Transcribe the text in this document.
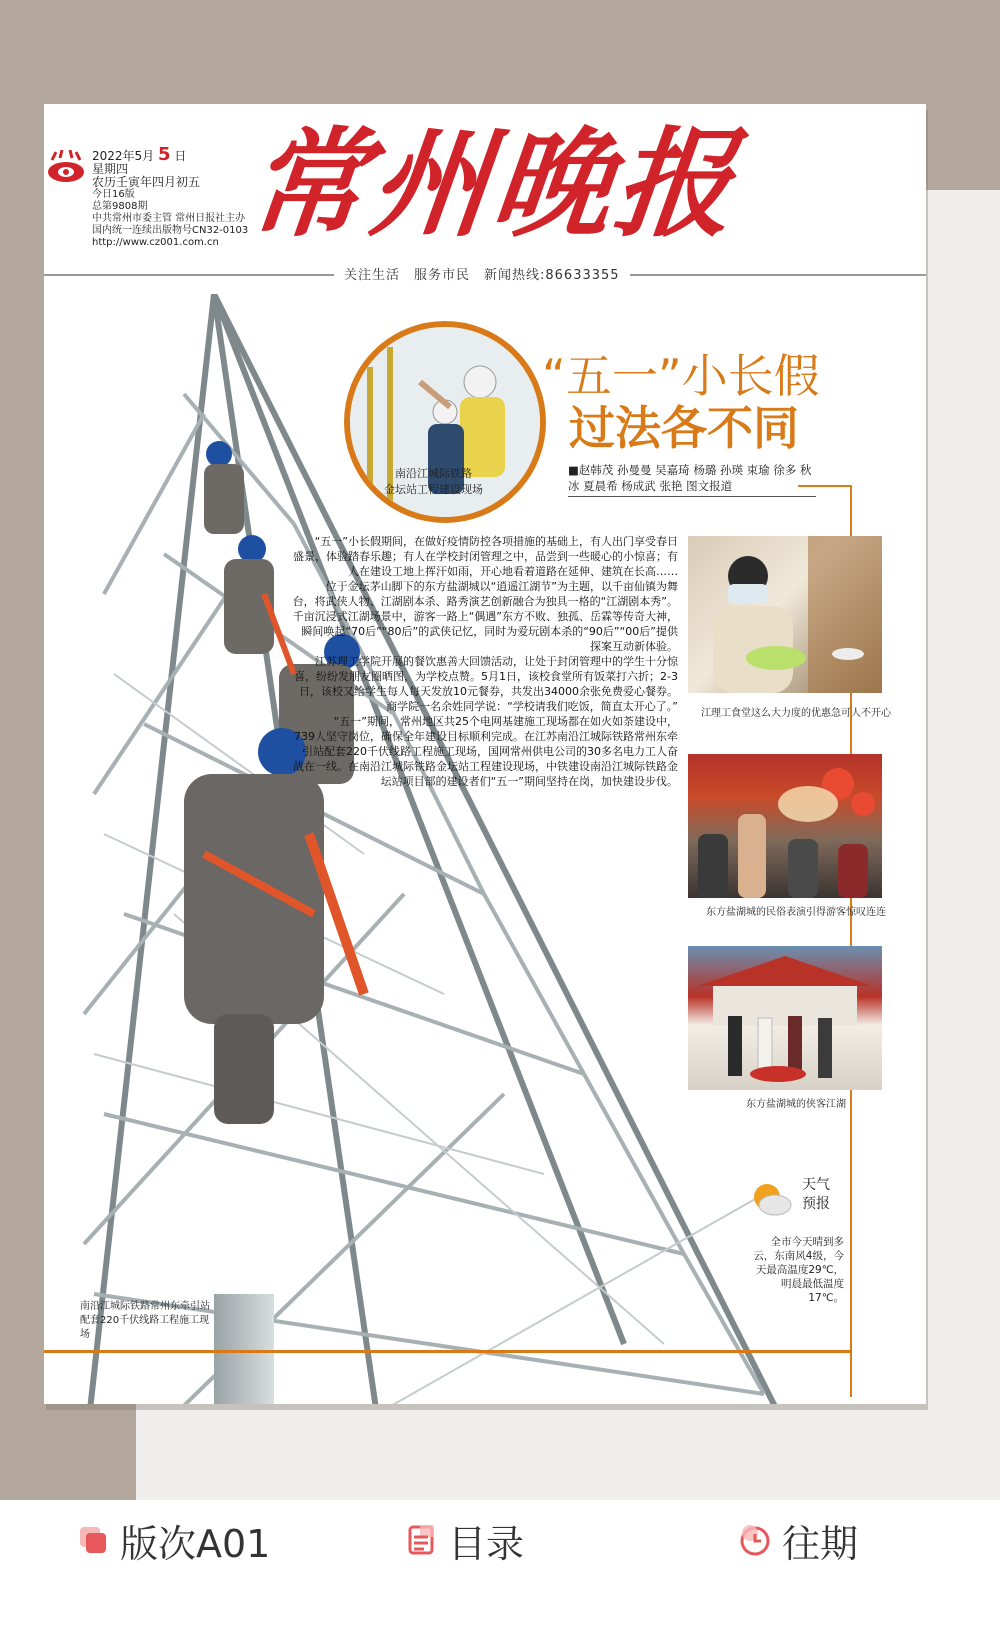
2022年5月 5 日
星期四
农历壬寅年四月初五
今日16版
总第9808期
中共常州市委主管 常州日报社主办
国内统一连续出版物号CN32-0103
http://www.cz001.com.cn 常州晚报
关注生活　服务市民　新闻热线:86633355
南沿江城际铁路常州东牵引站配套220千伏线路工程施工现场
南沿江城际铁路
金坛站工程建设现场
“五一”小长假
过法各不同
■赵韩茂 孙曼曼 吴嘉琦 杨璐 孙瑛 束瑜 徐多 秋冰 夏晨希 杨成武 张艳 图文报道

“五一”小长假期间，在做好疫情防控各项措施的基础上，有人出门享受春日盛景，体验踏春乐趣；有人在学校封闭管理之中，品尝到一些暖心的小惊喜；有人在建设工地上挥汗如雨，开心地看着道路在延伸、建筑在长高……

位于金坛茅山脚下的东方盐湖城以“逍遥江湖节”为主题，以千亩仙镇为舞台，将武侠人物、江湖剧本杀、路秀演艺创新融合为独具一格的“江湖剧本秀”。千亩沉浸式江湖场景中，游客一路上“偶遇”东方不败、独孤、岳霖等传奇大神，瞬间唤起“70后”“80后”的武侠记忆，同时为爱玩剧本杀的“90后”“00后”提供探案互动新体验。

江苏理工学院开展的餐饮惠善大回馈活动，让处于封闭管理中的学生十分惊喜，纷纷发朋友圈晒图，为学校点赞。5月1日，该校食堂所有饭菜打六折；2-3日，该校又给学生每人每天发放10元餐券，共发出34000余张免费爱心餐券。商学院一名余姓同学说：“学校请我们吃饭，简直太开心了。”

“五一”期间，常州地区共25个电网基建施工现场都在如火如荼建设中，739人坚守岗位，确保全年建设目标顺利完成。在江苏南沿江城际铁路常州东牵引站配套220千伏线路工程施工现场，国网常州供电公司的30多名电力工人奋战在一线。在南沿江城际铁路金坛站工程建设现场，中铁建设南沿江城际铁路金坛站项目部的建设者们“五一”期间坚持在岗，加快建设步伐。

江理工食堂这么大力度的优惠急可人不开心
东方盐湖城的民俗表演引得游客惊叹连连
东方盐湖城的侠客江湖
天气
预报
全市今天晴到多云，东南风4级，今天最高温度29℃，明晨最低温度17℃。
版次A01	目录	往期
